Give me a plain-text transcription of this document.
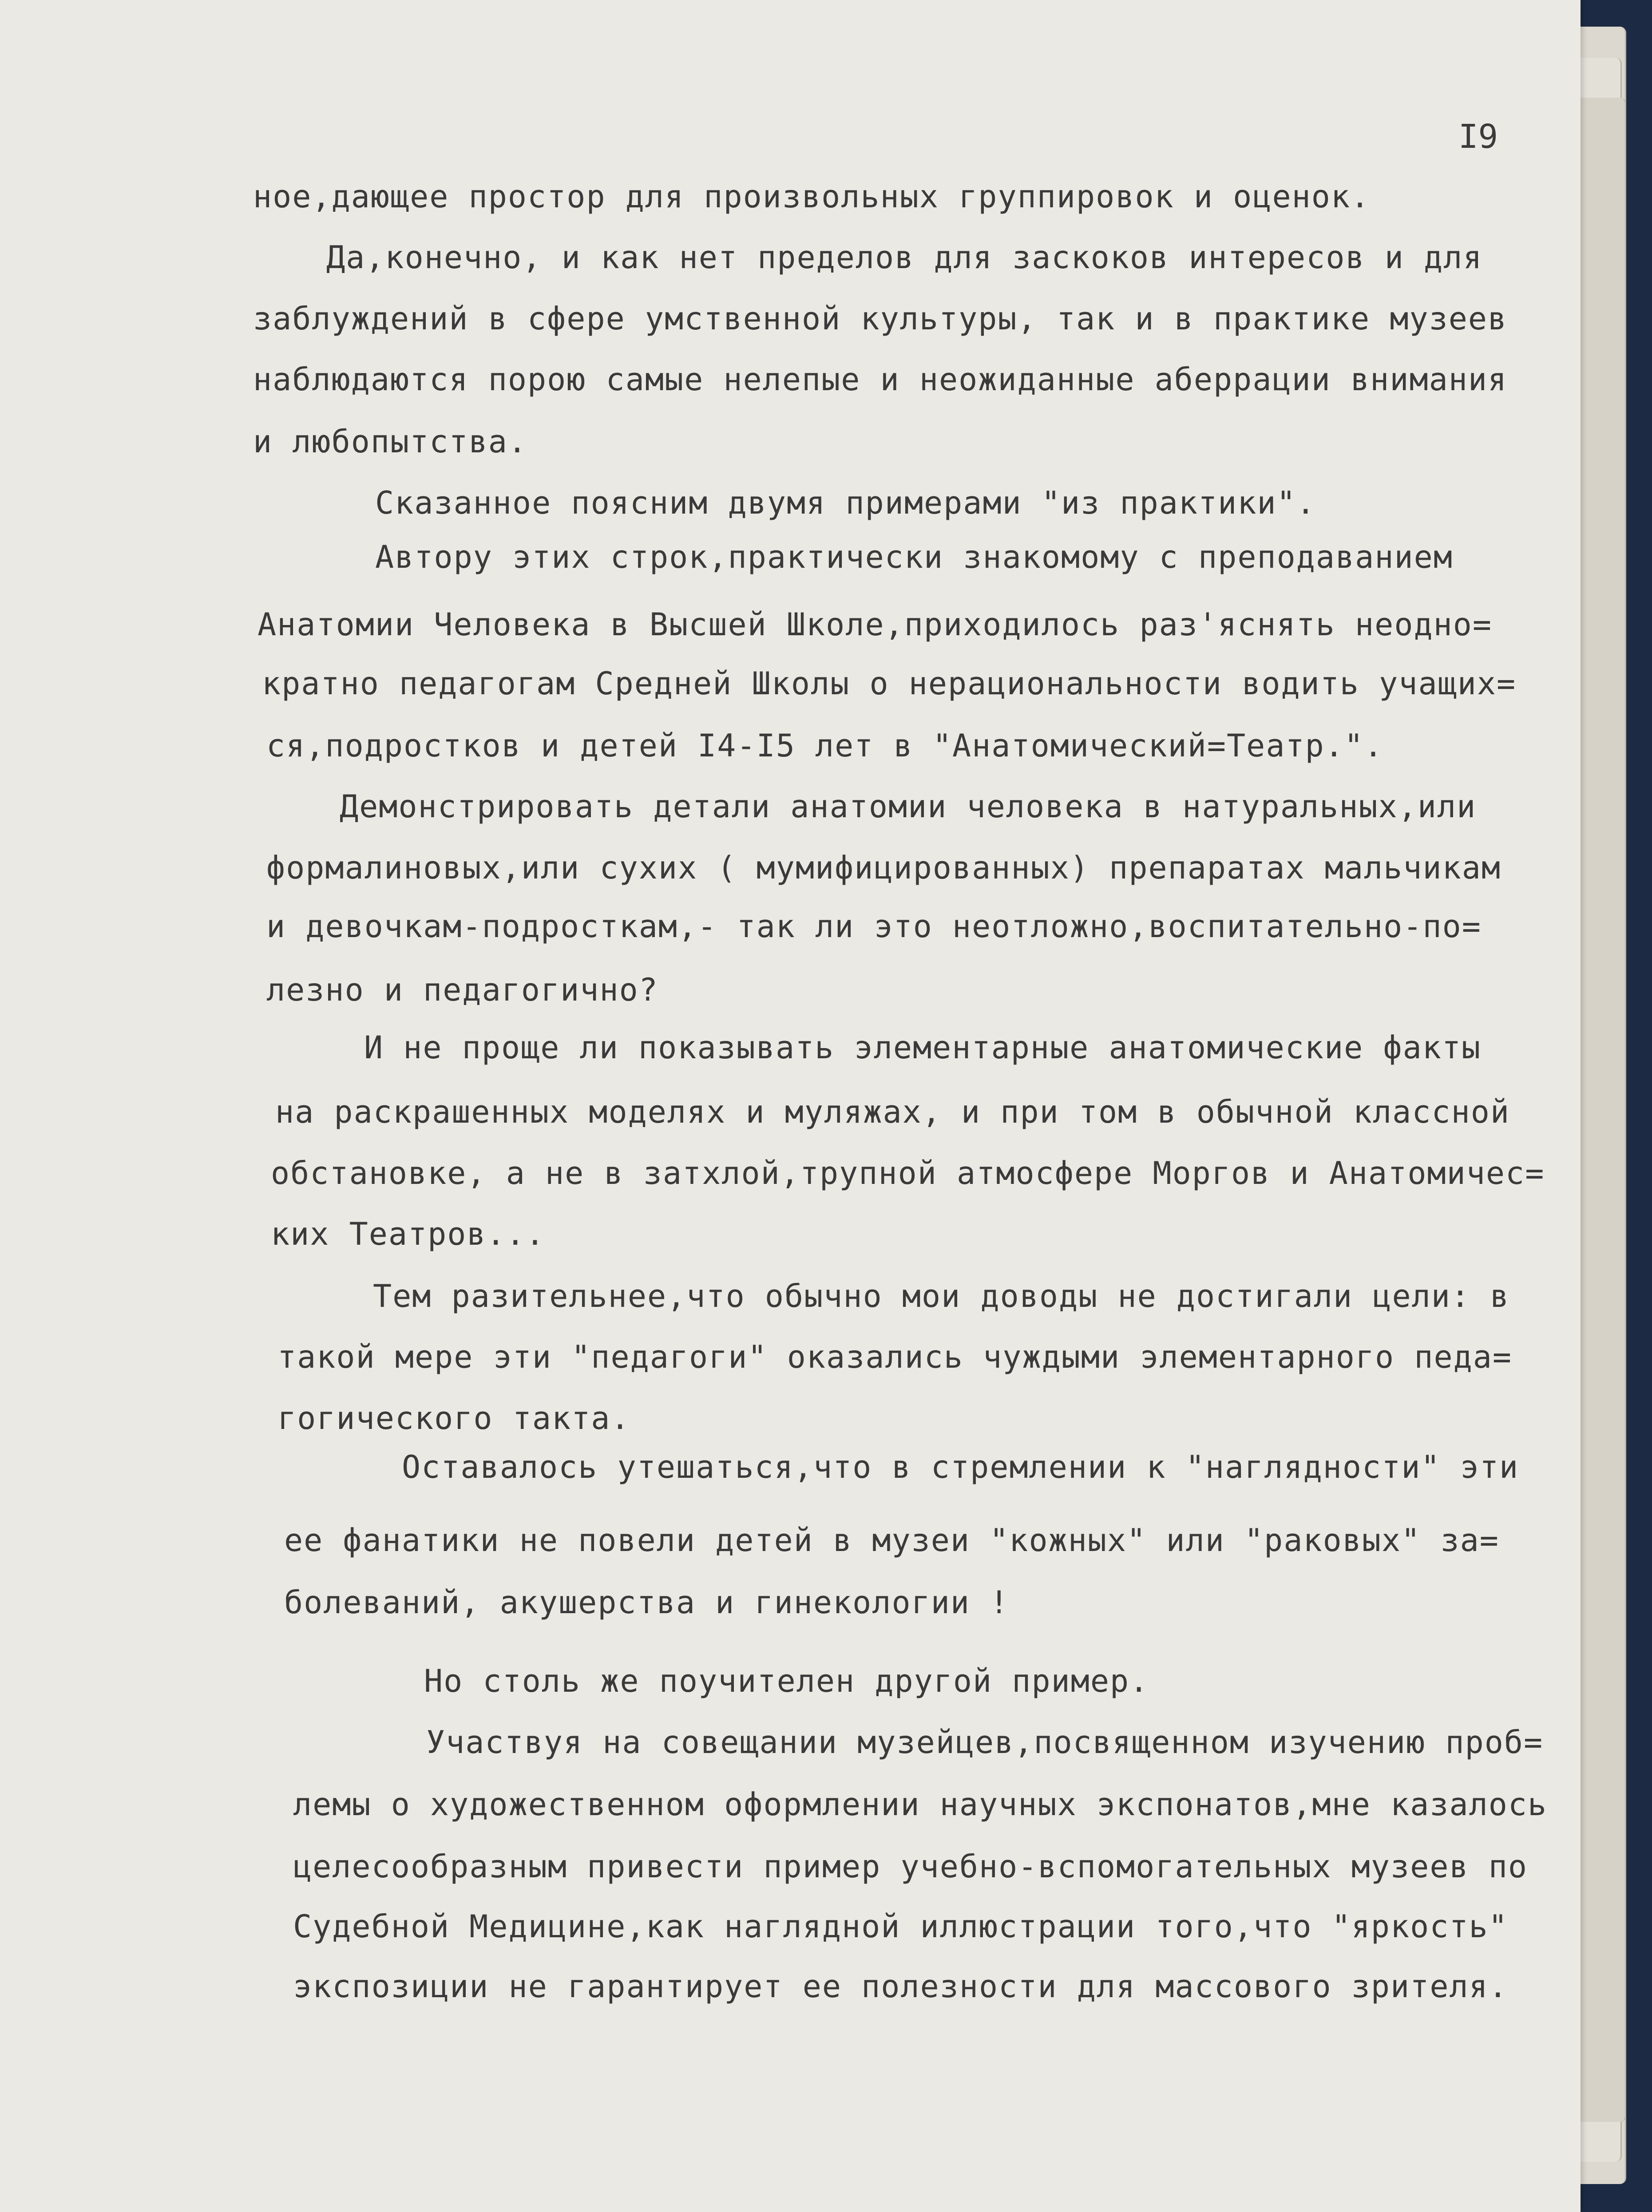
I9
ное,дающее простор для произвольных группировок и оценок.
Да,конечно, и как нет пределов для заскоков интересов и для
заблуждений в сфере умственной культуры, так и в практике музеев
наблюдаются порою самые нелепые и неожиданные аберрации внимания
и любопытства.
Сказанное поясним двумя примерами "из практики".
Автору этих строк,практически знакомому с преподаванием
Анатомии Человека в Высшей Школе,приходилось раз'яснять неодно=
кратно педагогам Средней Школы о нерациональности водить учащих=
ся,подростков и детей I4-I5 лет в "Анатомический=Театр.".
Демонстрировать детали анатомии человека в натуральных,или
формалиновых,или сухих ( мумифицированных) препаратах мальчикам
и девочкам-подросткам,- так ли это неотложно,воспитательно-по=
лезно и педагогично?
И не проще ли показывать элементарные анатомические факты
на раскрашенных моделях и муляжах, и при том в обычной классной
обстановке, а не в затхлой,трупной атмосфере Моргов и Анатомичес=
ких Театров...
Тем разительнее,что обычно мои доводы не достигали цели: в
такой мере эти "педагоги" оказались чуждыми элементарного педа=
гогического такта.
Оставалось утешаться,что в стремлении к "наглядности" эти
ее фанатики не повели детей в музеи "кожных" или "раковых" за=
болеваний, акушерства и гинекологии !
Но столь же поучителен другой пример.
Участвуя на совещании музейцев,посвященном изучению проб=
лемы о художественном оформлении научных экспонатов,мне казалось
целесообразным привести пример учебно-вспомогательных музеев по
Судебной Медицине,как наглядной иллюстрации того,что "яркость"
экспозиции не гарантирует ее полезности для массового зрителя.
